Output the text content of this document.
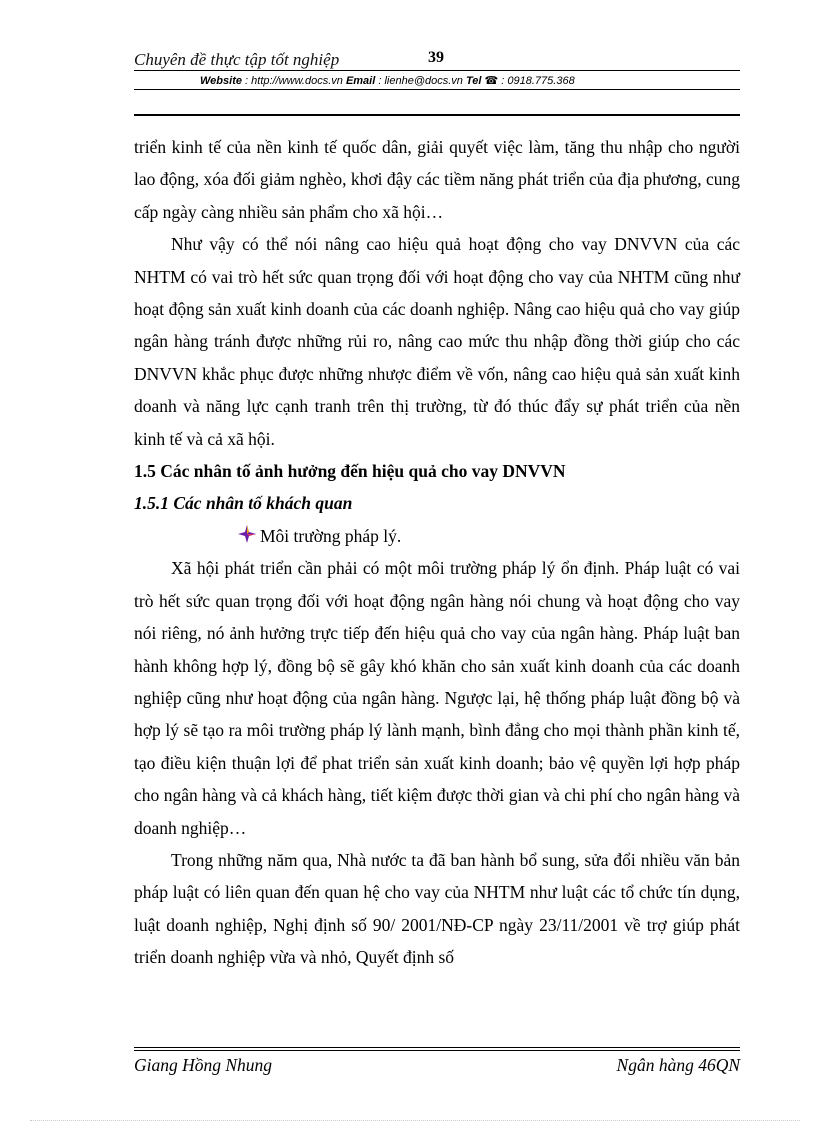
Chuyên đề thực tập tốt nghiệp	39
Website : http://www.docs.vn Email : lienhe@docs.vn Tel ☎ : 0918.775.368

triển kinh tế của nền kinh tế quốc dân, giải quyết việc làm, tăng thu nhập cho người lao động, xóa đối giảm nghèo, khơi đậy các tiềm năng phát triển của địa phương, cung cấp ngày càng nhiều sản phẩm cho xã hội…

Như vậy có thể nói nâng cao hiệu quả hoạt động cho vay DNVVN của các NHTM có vai trò hết sức quan trọng đối với hoạt động cho vay của NHTM cũng như hoạt động sản xuất kinh doanh của các doanh nghiệp. Nâng cao hiệu quả cho vay giúp ngân hàng tránh được những rủi ro, nâng cao mức thu nhập đồng thời giúp cho các DNVVN khắc phục được những nhược điểm về vốn, nâng cao hiệu quả sản xuất kinh doanh và năng lực cạnh tranh trên thị trường, từ đó thúc đẩy sự phát triển của nền kinh tế và cả xã hội.

1.5 Các nhân tố ảnh hưởng đến hiệu quả cho vay DNVVN

1.5.1 Các nhân tố khách quan

Môi trường pháp lý.

Xã hội phát triển cần phải có một môi trường pháp lý ổn định. Pháp luật có vai trò hết sức quan trọng đối với hoạt động ngân hàng nói chung và hoạt động cho vay nói riêng, nó ảnh hưởng trực tiếp đến hiệu quả cho vay của ngân hàng. Pháp luật ban hành không hợp lý, đồng bộ sẽ gây khó khăn cho sản xuất kinh doanh của các doanh nghiệp cũng như hoạt động của ngân hàng. Ngược lại, hệ thống pháp luật đồng bộ và hợp lý sẽ tạo ra môi trường pháp lý lành mạnh, bình đẳng cho mọi thành phần kinh tế, tạo điều kiện thuận lợi để phat triển sản xuất kinh doanh; bảo vệ quyền lợi hợp pháp cho ngân hàng và cả khách hàng, tiết kiệm được thời gian và chi phí cho ngân hàng và doanh nghiệp…

Trong những năm qua, Nhà nước ta đã ban hành bổ sung, sửa đổi nhiều văn bản pháp luật có liên quan đến quan hệ cho vay của NHTM như luật các tổ chức tín dụng, luật doanh nghiệp, Nghị định số 90/ 2001/NĐ-CP ngày 23/11/2001 về trợ giúp phát triển doanh nghiệp vừa và nhỏ, Quyết định số

Giang Hồng Nhung	Ngân hàng 46QN
